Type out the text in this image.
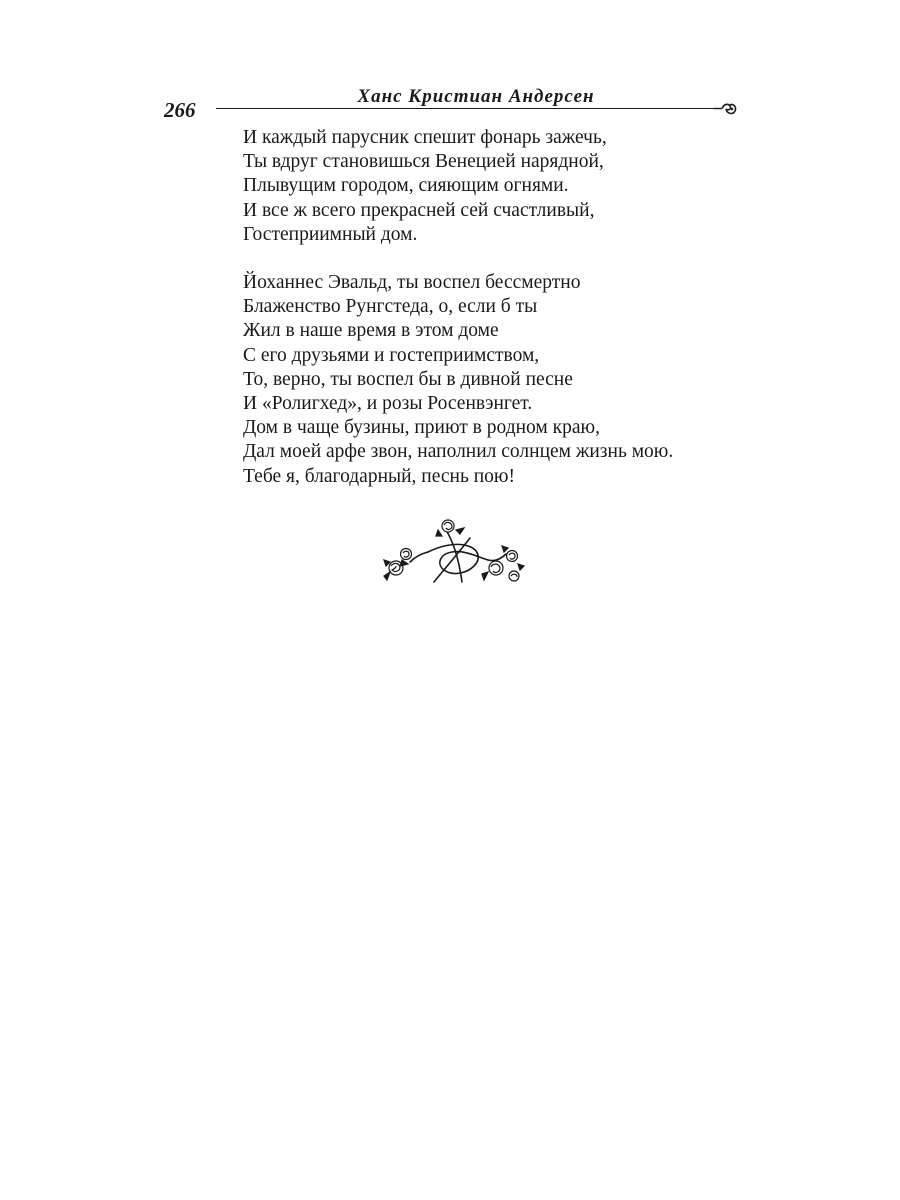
266
Ханс Кристиан Андерсен

И каждый парусник спешит фонарь зажечь,
Ты вдруг становишься Венецией нарядной,
Плывущим городом, сияющим огнями.
И все ж всего прекрасней сей счастливый,
Гостеприимный дом.

Йоханнес Эвальд, ты воспел бессмертно
Блаженство Рунгстеда, о, если б ты
Жил в наше время в этом доме
С его друзьями и гостеприимством,
То, верно, ты воспел бы в дивной песне
И «Ролигхед», и розы Росенвэнгет.
Дом в чаще бузины, приют в родном краю,
Дал моей арфе звон, наполнил солнцем жизнь мою.
Тебе я, благодарный, песнь пою!
